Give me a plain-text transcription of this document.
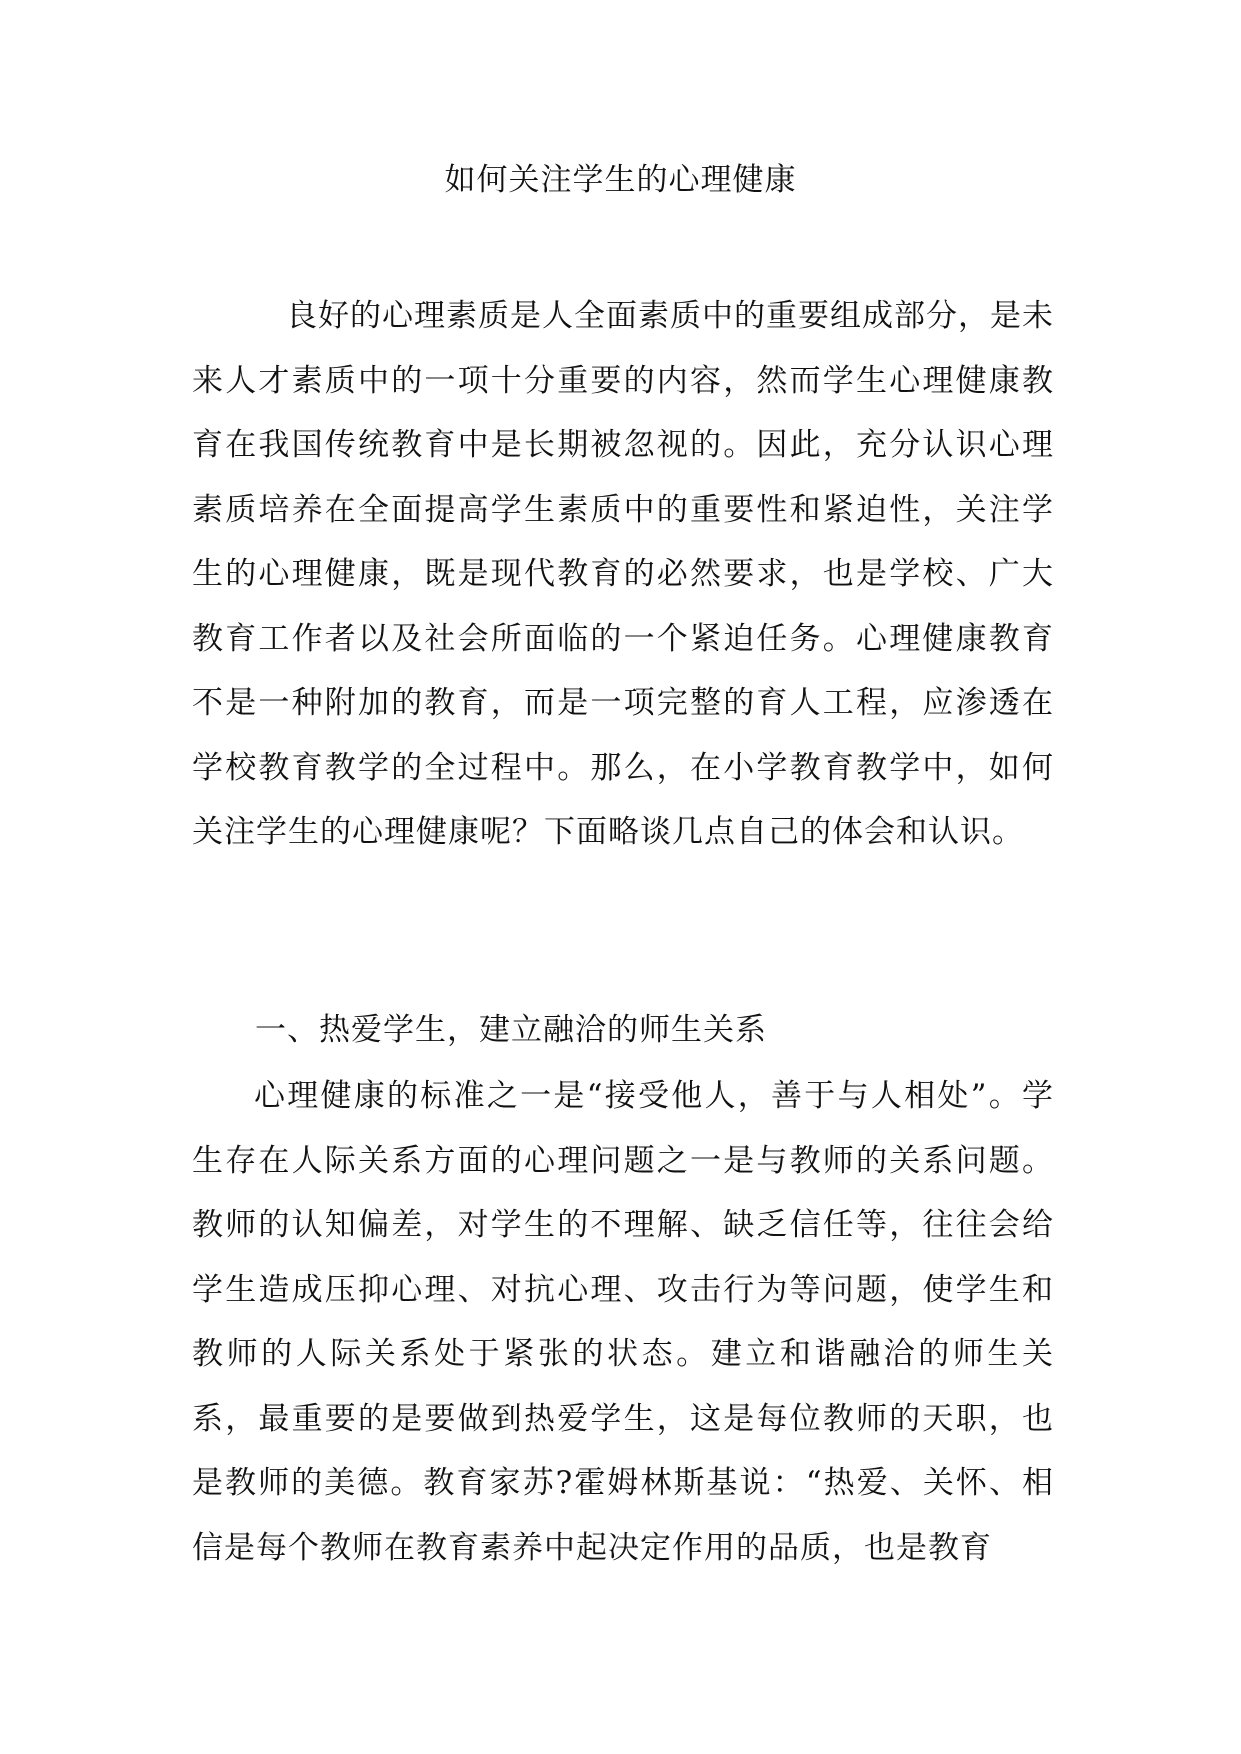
如何关注学生的心理健康

良好的心理素质是人全面素质中的重要组成部分，是未来人才素质中的一项十分重要的内容，然而学生心理健康教育在我国传统教育中是长期被忽视的。因此，充分认识心理素质培养在全面提高学生素质中的重要性和紧迫性，关注学生的心理健康，既是现代教育的必然要求，也是学校、广大教育工作者以及社会所面临的一个紧迫任务。心理健康教育不是一种附加的教育，而是一项完整的育人工程，应渗透在学校教育教学的全过程中。那么，在小学教育教学中，如何关注学生的心理健康呢？下面略谈几点自己的体会和认识。

一、热爱学生，建立融洽的师生关系

心理健康的标准之一是“接受他人，善于与人相处”。学生存在人际关系方面的心理问题之一是与教师的关系问题。教师的认知偏差，对学生的不理解、缺乏信任等，往往会给学生造成压抑心理、对抗心理、攻击行为等问题，使学生和教师的人际关系处于紧张的状态。建立和谐融洽的师生关系，最重要的是要做到热爱学生，这是每位教师的天职，也是教师的美德。教育家苏?霍姆林斯基说：“热爱、关怀、相信是每个教师在教育素养中起决定作用的品质，也是教育
